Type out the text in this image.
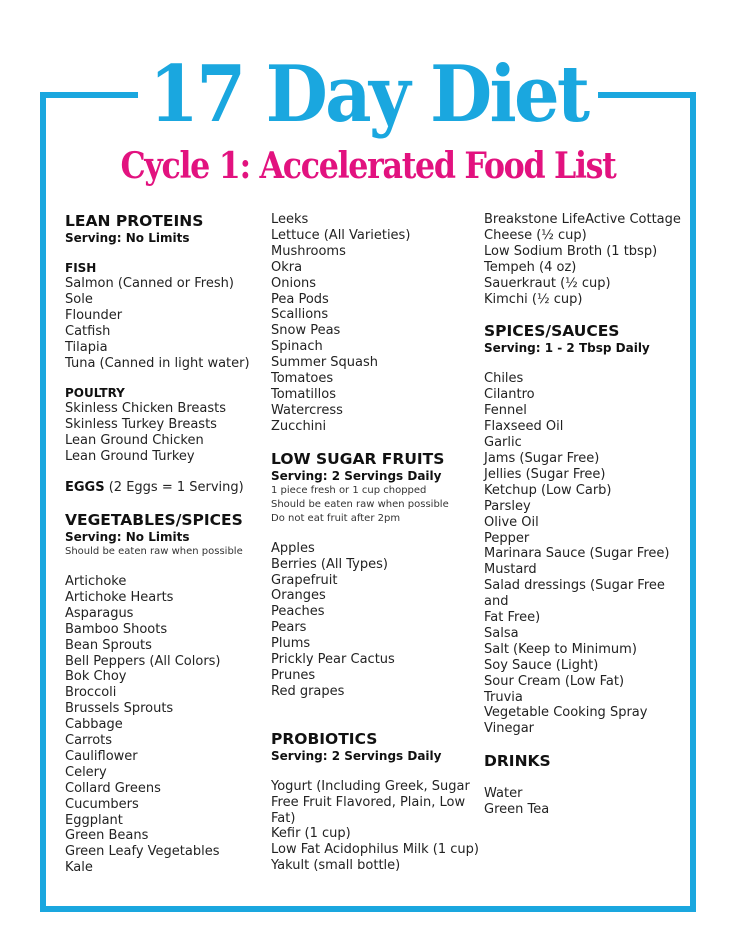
17 Day Diet
Cycle 1: Accelerated Food List
LEAN PROTEINS
Serving: No Limits
FISH
Salmon (Canned or Fresh)
Sole
Flounder
Catfish
Tilapia
Tuna (Canned in light water)
POULTRY
Skinless Chicken Breasts
Skinless Turkey Breasts
Lean Ground Chicken
Lean Ground Turkey
EGGS (2 Eggs = 1 Serving)
VEGETABLES/SPICES
Serving: No Limits
Should be eaten raw when possible
Artichoke
Artichoke Hearts
Asparagus
Bamboo Shoots
Bean Sprouts
Bell Peppers (All Colors)
Bok Choy
Broccoli
Brussels Sprouts
Cabbage
Carrots
Cauliflower
Celery
Collard Greens
Cucumbers
Eggplant
Green Beans
Green Leafy Vegetables
Kale
Leeks
Lettuce (All Varieties)
Mushrooms
Okra
Onions
Pea Pods
Scallions
Snow Peas
Spinach
Summer Squash
Tomatoes
Tomatillos
Watercress
Zucchini
LOW SUGAR FRUITS
Serving: 2 Servings Daily
1 piece fresh or 1 cup chopped
Should be eaten raw when possible
Do not eat fruit after 2pm
Apples
Berries (All Types)
Grapefruit
Oranges
Peaches
Pears
Plums
Prickly Pear Cactus
Prunes
Red grapes
PROBIOTICS
Serving: 2 Servings Daily
Yogurt (Including Greek, Sugar
Free Fruit Flavored, Plain, Low
Fat)
Kefir (1 cup)
Low Fat Acidophilus Milk (1 cup)
Yakult (small bottle)
Breakstone LifeActive Cottage
Cheese (½ cup)
Low Sodium Broth (1 tbsp)
Tempeh (4 oz)
Sauerkraut (½ cup)
Kimchi (½ cup)
SPICES/SAUCES
Serving: 1 - 2 Tbsp Daily
Chiles
Cilantro
Fennel
Flaxseed Oil
Garlic
Jams (Sugar Free)
Jellies (Sugar Free)
Ketchup (Low Carb)
Parsley
Olive Oil
Pepper
Marinara Sauce (Sugar Free)
Mustard
Salad dressings (Sugar Free
and
Fat Free)
Salsa
Salt (Keep to Minimum)
Soy Sauce (Light)
Sour Cream (Low Fat)
Truvia
Vegetable Cooking Spray
Vinegar
DRINKS
Water
Green Tea
